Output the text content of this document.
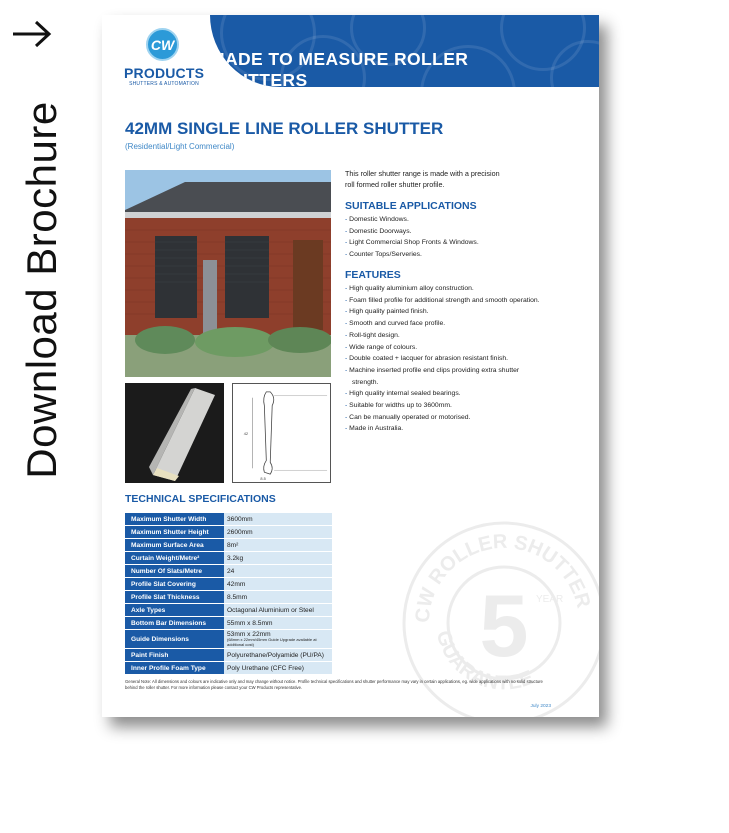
Download Brochure
MADE TO MEASURE ROLLER SHUTTERS
CW
PRODUCTS
SHUTTERS & AUTOMATION
42MM SINGLE LINE ROLLER SHUTTER
(Residential/Light Commercial)
42
8.5
This roller shutter range is made with a precision
roll formed roller shutter profile.
SUITABLE APPLICATIONS
- Domestic Windows.
- Domestic Doorways.
- Light Commercial Shop Fronts & Windows.
- Counter Tops/Serveries.
FEATURES
- High quality aluminium alloy construction.
- Foam filled profile for additional strength and smooth operation.
- High quality painted finish.
- Smooth and curved face profile.
- Roll-tight design.
- Wide range of colours.
- Double coated + lacquer for abrasion resistant finish.
- Machine inserted profile end clips providing extra shutter strength.
- High quality internal sealed bearings.
- Suitable for widths up to 3600mm.
- Can be manually operated or motorised.
- Made in Australia.
CW ROLLER SHUTTER
GUARANTEE
5 YEAR
TECHNICAL SPECIFICATIONS
Maximum Shutter Width	3600mm
Maximum Shutter Height	2600mm
Maximum Surface Area	8m²
Curtain Weight/Metre²	3.2kg
Number Of Slats/Metre	24
Profile Slat Covering	42mm
Profile Slat Thickness	8.5mm
Axle Types	Octagonal Aluminium or Steel
Bottom Bar Dimensions	55mm x 8.5mm
Guide Dimensions	53mm x 22mm
(68mm x 22mm/45mm Guide Upgrade available at additional cost)

Paint Finish	Polyurethane/Polyamide (PU/PA)
Inner Profile Foam Type	Poly Urethane (CFC Free)
General Note: All dimensions and colours are indicative only and may change without notice. Profile technical specifications and shutter performance may vary in certain applications, eg. wide applications with no solid structure behind the roller shutter. For more information please contact your CW Products representative.
July 2023
